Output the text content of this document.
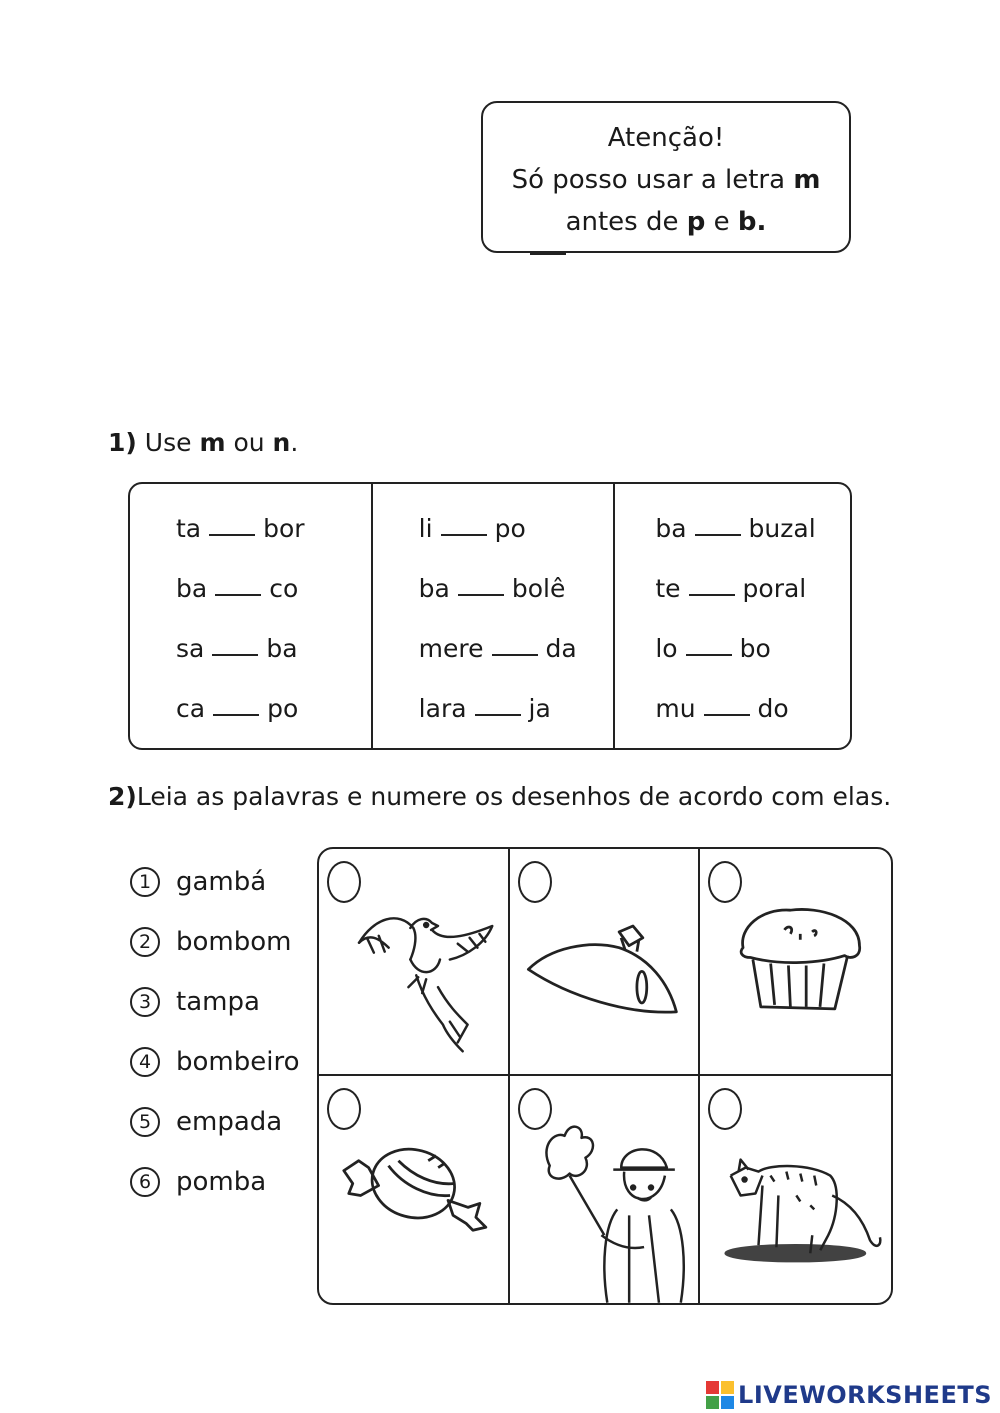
Atenção!
Só posso usar a letra m
antes de p e b.
1) Use m ou n.
ta bor
ba co
sa ba
ca po
li po
ba bolê
mere da
lara ja
ba buzal
te poral
lo bo
mu do
2)Leia as palavras e numere os desenhos de acordo com elas.
1 gambá
2 bombom
3 tampa
4 bombeiro
5 empada
6 pomba
LIVEWORKSHEETS
